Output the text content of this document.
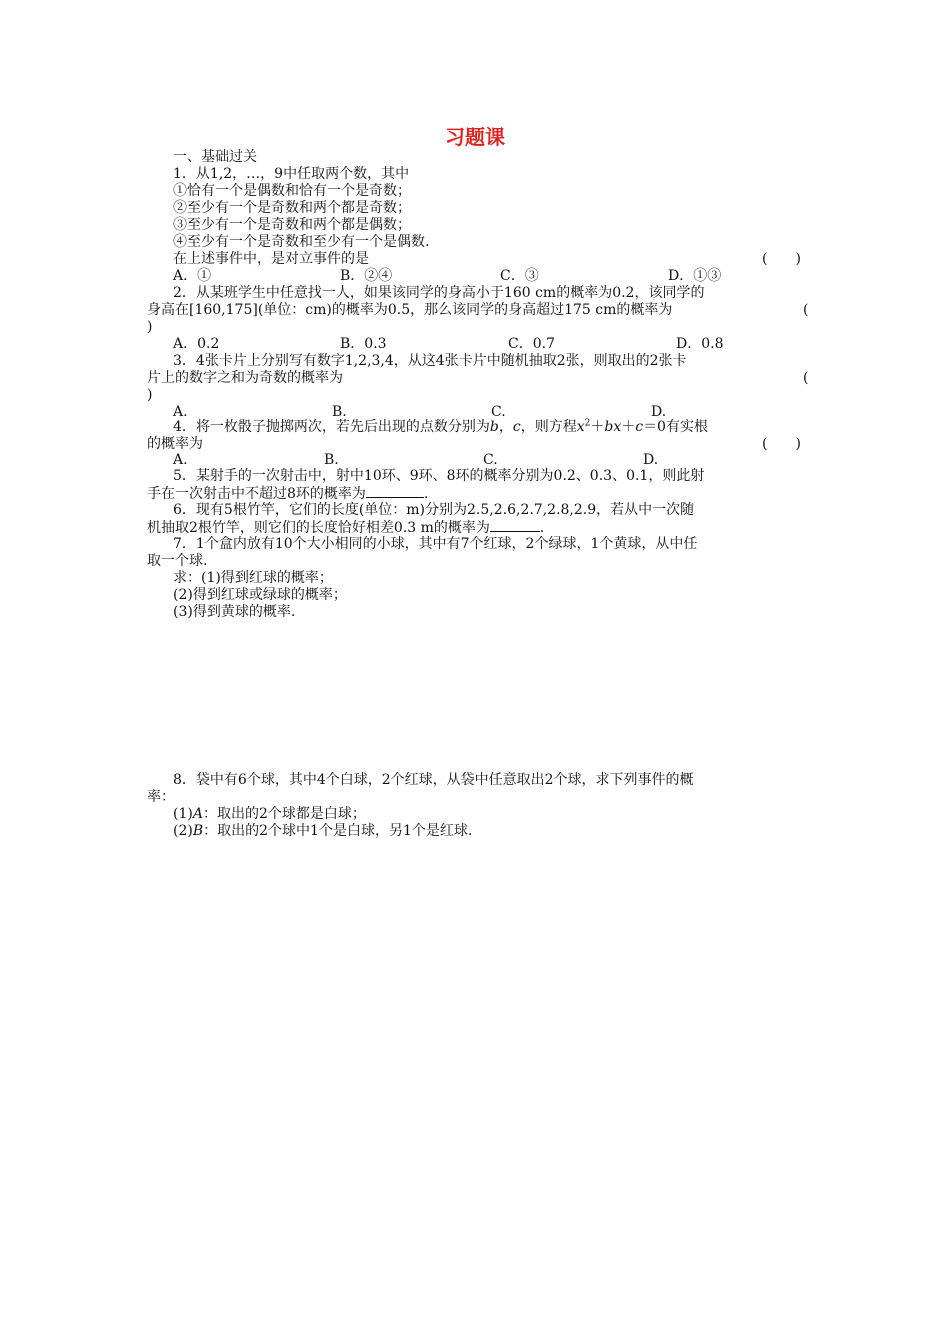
习题课
一、基础过关
1．从1,2，…，9中任取两个数，其中
①恰有一个是偶数和恰有一个是奇数；
②至少有一个是奇数和两个都是奇数；
③至少有一个是奇数和两个都是偶数；
④至少有一个是奇数和至少有一个是偶数.
在上述事件中，是对立事件的是	(　　)
A．①	B．②④	C．③	D．①③
2．从某班学生中任意找一人，如果该同学的身高小于160 cm的概率为0.2，该同学的
身高在[160,175](单位：cm)的概率为0.5，那么该同学的身高超过175 cm的概率为	(
)
A．0.2	B．0.3	C．0.7	D．0.8
3．4张卡片上分别写有数字1,2,3,4，从这4张卡片中随机抽取2张，则取出的2张卡
片上的数字之和为奇数的概率为	(
)
A.	B.	C.	D.
4．将一枚骰子抛掷两次，若先后出现的点数分别为b，c，则方程$x^2+bx+c=0$有实根
的概率为	(　　)
A.	B.	C.	D.
5．某射手的一次射击中，射中10环、9环、8环的概率分别为0.2、0.3、0.1，则此射
手在一次射击中不超过8环的概率为	.
6．现有5根竹竿，它们的长度(单位：m)分别为2.5,2.6,2.7,2.8,2.9，若从中一次随
机抽取2根竹竿，则它们的长度恰好相差0.3 m的概率为	.
7．1个盒内放有10个大小相同的小球，其中有7个红球，2个绿球，1个黄球，从中任
取一个球.
求：(1)得到红球的概率；
(2)得到红球或绿球的概率；
(3)得到黄球的概率.
8．袋中有6个球，其中4个白球，2个红球，从袋中任意取出2个球，求下列事件的概
率：
(1)A：取出的2个球都是白球；
(2)B：取出的2个球中1个是白球，另1个是红球.
